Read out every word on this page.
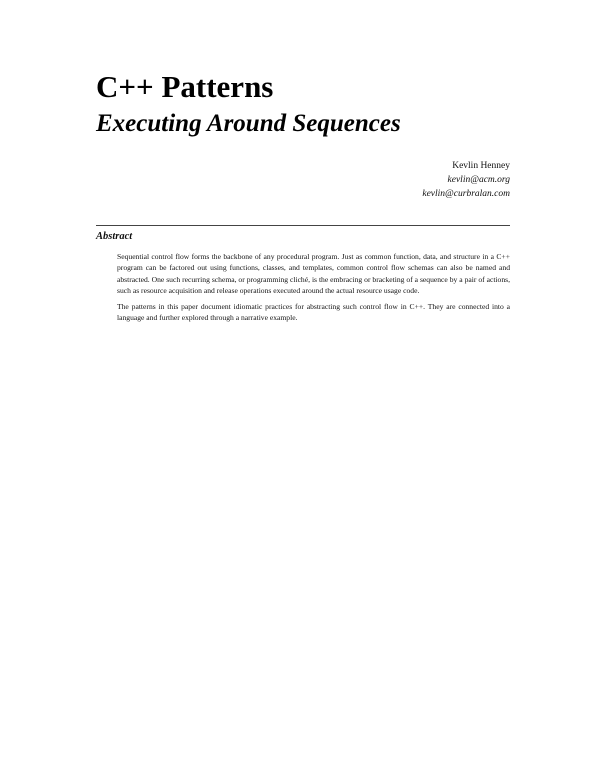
C++ Patterns
Executing Around Sequences
Kevlin Henney
kevlin@acm.org
kevlin@curbralan.com
Abstract

Sequential control flow forms the backbone of any procedural program. Just as common function, data, and structure in a C++ program can be factored out using functions, classes, and templates, common control flow schemas can also be named and abstracted. One such recurring schema, or programming cliché, is the embracing or bracketing of a sequence by a pair of actions, such as resource acquisition and release operations executed around the actual resource usage code.

The patterns in this paper document idiomatic practices for abstracting such control flow in C++. They are connected into a language and further explored through a narrative example.
